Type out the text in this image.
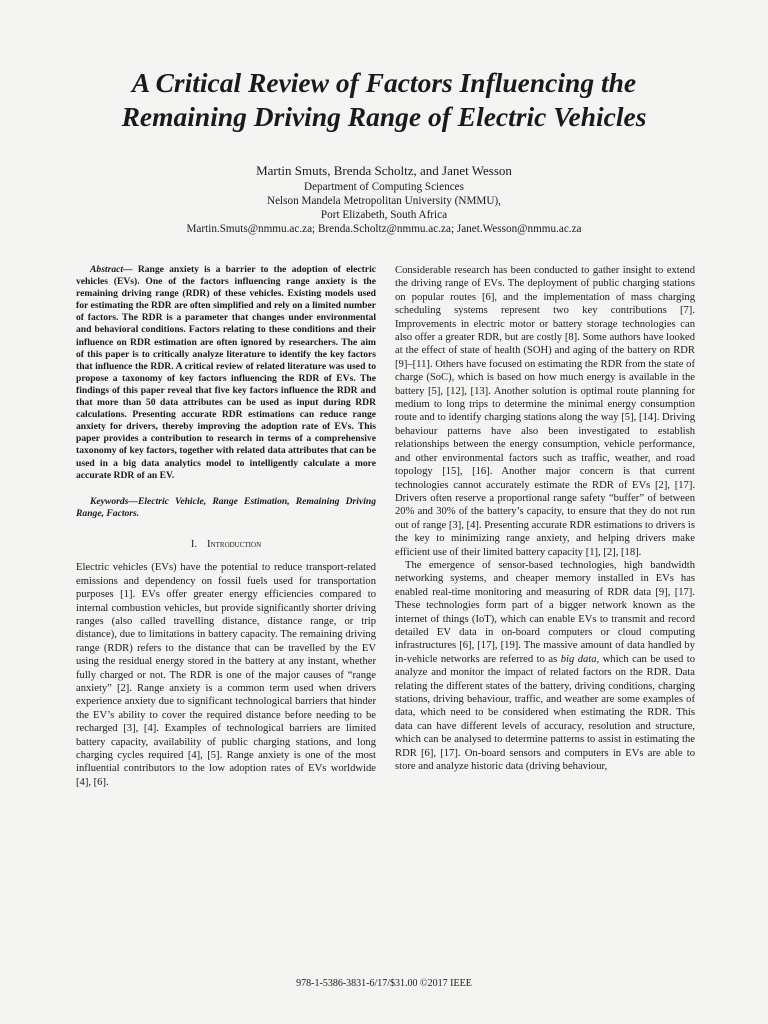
A Critical Review of Factors Influencing the
Remaining Driving Range of Electric Vehicles
Martin Smuts, Brenda Scholtz, and Janet Wesson
Department of Computing Sciences
Nelson Mandela Metropolitan University (NMMU),
Port Elizabeth, South Africa
Martin.Smuts@nmmu.ac.za; Brenda.Scholtz@nmmu.ac.za; Janet.Wesson@nmmu.ac.za

Abstract— Range anxiety is a barrier to the adoption of electric vehicles (EVs). One of the factors influencing range anxiety is the remaining driving range (RDR) of these vehicles. Existing models used for estimating the RDR are often simplified and rely on a limited number of factors. The RDR is a parameter that changes under environmental and behavioral conditions. Factors relating to these conditions and their influence on RDR estimation are often ignored by researchers. The aim of this paper is to critically analyze literature to identify the key factors that influence the RDR. A critical review of related literature was used to propose a taxonomy of key factors influencing the RDR of EVs. The findings of this paper reveal that five key factors influence the RDR and that more than 50 data attributes can be used as input during RDR calculations. Presenting accurate RDR estimations can reduce range anxiety for drivers, thereby improving the adoption rate of EVs. This paper provides a contribution to research in terms of a comprehensive taxonomy of key factors, together with related data attributes that can be used in a big data analytics model to intelligently calculate a more accurate RDR of an EV.

Keywords—Electric Vehicle, Range Estimation, Remaining Driving Range, Factors.

I. Introduction

Electric vehicles (EVs) have the potential to reduce transport-related emissions and dependency on fossil fuels used for transportation purposes [1]. EVs offer greater energy efficiencies compared to internal combustion vehicles, but provide significantly shorter driving ranges (also called travelling distance, distance range, or trip distance), due to limitations in battery capacity. The remaining driving range (RDR) refers to the distance that can be travelled by the EV using the residual energy stored in the battery at any instant, whether fully charged or not. The RDR is one of the major causes of “range anxiety” [2]. Range anxiety is a common term used when drivers experience anxiety due to significant technological barriers that hinder the EV’s ability to cover the required distance before needing to be recharged [3], [4]. Examples of technological barriers are limited battery capacity, availability of public charging stations, and long charging cycles required [4], [5]. Range anxiety is one of the most influential contributors to the low adoption rates of EVs worldwide [4], [6].

Considerable research has been conducted to gather insight to extend the driving range of EVs. The deployment of public charging stations on popular routes [6], and the implementation of mass charging scheduling systems represent two key contributions [7]. Improvements in electric motor or battery storage technologies can also offer a greater RDR, but are costly [8]. Some authors have looked at the effect of state of health (SOH) and aging of the battery on RDR [9]–[11]. Others have focused on estimating the RDR from the state of charge (SoC), which is based on how much energy is available in the battery [5], [12], [13]. Another solution is optimal route planning for medium to long trips to determine the minimal energy consumption route and to identify charging stations along the way [5], [14]. Driving behaviour patterns have also been investigated to establish relationships between the energy consumption, vehicle performance, and other environmental factors such as traffic, weather, and road topology [15], [16]. Another major concern is that current technologies cannot accurately estimate the RDR of EVs [2], [17]. Drivers often reserve a proportional range safety “buffer” of between 20% and 30% of the battery’s capacity, to ensure that they do not run out of range [3], [4]. Presenting accurate RDR estimations to drivers is the key to minimizing range anxiety, and helping drivers make efficient use of their limited battery capacity [1], [2], [18].

The emergence of sensor-based technologies, high bandwidth networking systems, and cheaper memory installed in EVs has enabled real-time monitoring and measuring of RDR data [9], [17]. These technologies form part of a bigger network known as the internet of things (IoT), which can enable EVs to transmit and record detailed EV data in on-board computers or cloud computing infrastructures [6], [17], [19]. The massive amount of data handled by in-vehicle networks are referred to as big data, which can be used to analyze and monitor the impact of related factors on the RDR. Data relating the different states of the battery, driving conditions, charging stations, driving behaviour, traffic, and weather are some examples of data, which need to be considered when estimating the RDR. This data can have different levels of accuracy, resolution and structure, which can be analysed to determine patterns to assist in estimating the RDR [6], [17]. On-board sensors and computers in EVs are able to store and analyze historic data (driving behaviour,

978-1-5386-3831-6/17/$31.00 ©2017 IEEE
